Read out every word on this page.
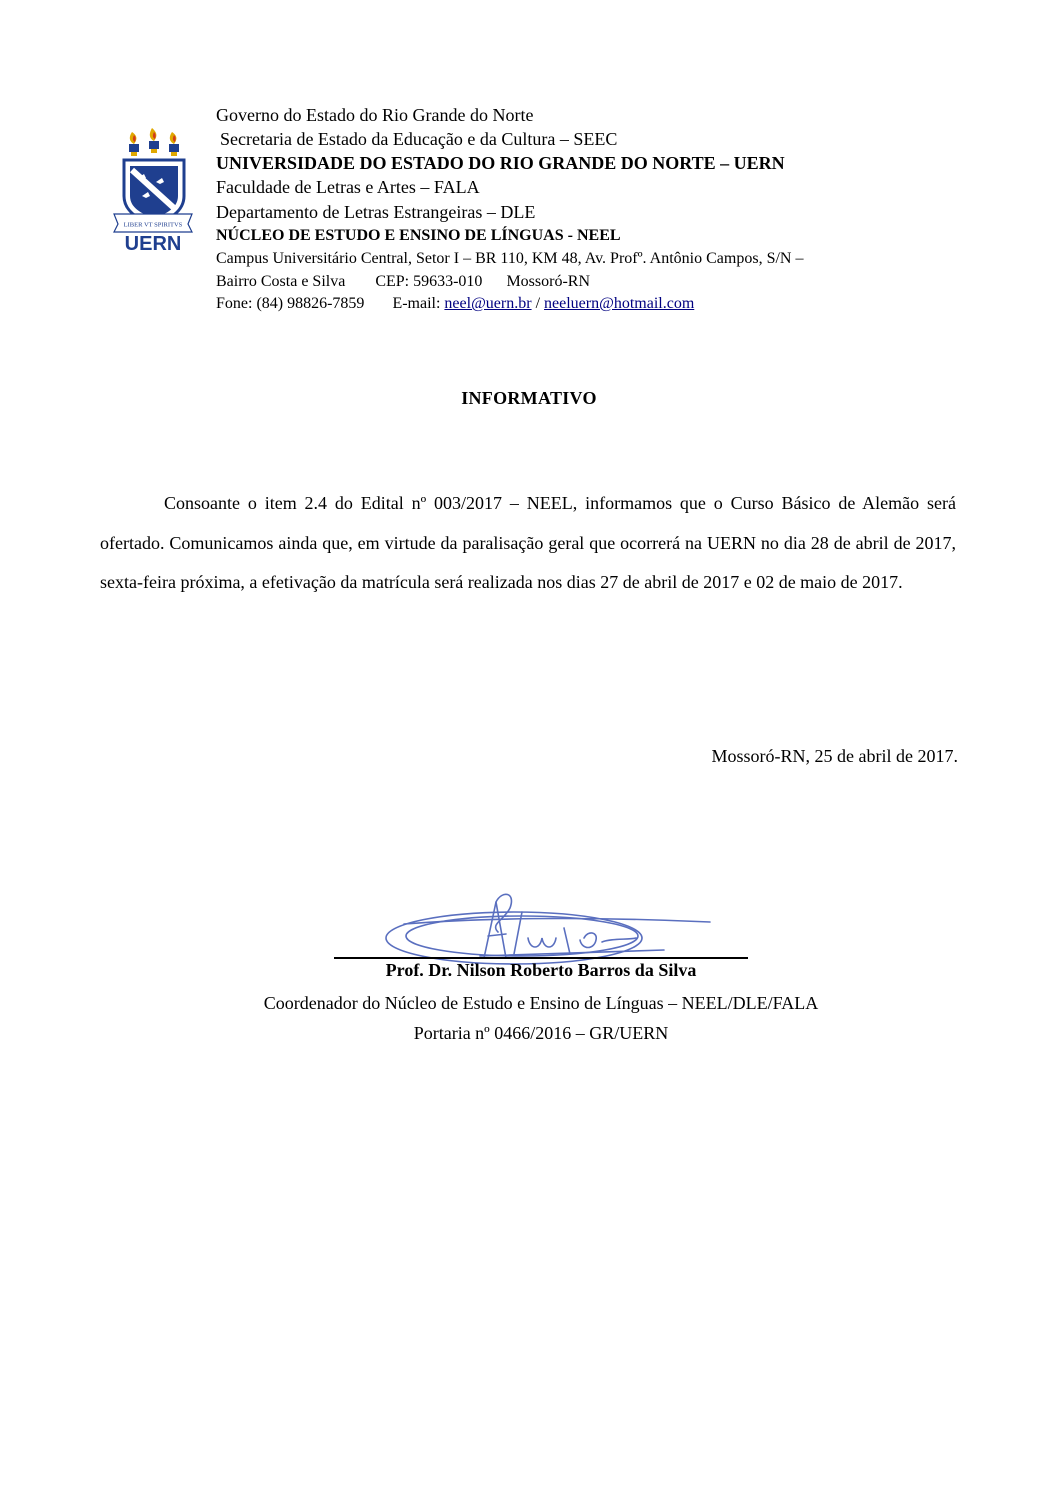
LIBER VT SPIRITVS
UERN
Governo do Estado do Rio Grande do Norte
Secretaria de Estado da Educação e da Cultura – SEEC
UNIVERSIDADE DO ESTADO DO RIO GRANDE DO NORTE – UERN
Faculdade de Letras e Artes – FALA
Departamento de Letras Estrangeiras – DLE
NÚCLEO DE ESTUDO E ENSINO DE LÍNGUAS - NEEL
Campus Universitário Central, Setor I – BR 110, KM 48, Av. Profº. Antônio Campos, S/N –
Bairro Costa e Silva CEP: 59633-010 Mossoró-RN
Fone: (84) 98826-7859 E-mail: neel@uern.br / neeluern@hotmail.com
INFORMATIVO
Consoante o item 2.4 do Edital nº 003/2017 – NEEL, informamos que o Curso Básico de Alemão será ofertado. Comunicamos ainda que, em virtude da paralisação geral que ocorrerá na UERN no dia 28 de abril de 2017, sexta-feira próxima, a efetivação da matrícula será realizada nos dias 27 de abril de 2017 e 02 de maio de 2017.
Mossoró-RN, 25 de abril de 2017.
Prof. Dr. Nilson Roberto Barros da Silva
Coordenador do Núcleo de Estudo e Ensino de Línguas – NEEL/DLE/FALA
Portaria nº 0466/2016 – GR/UERN
